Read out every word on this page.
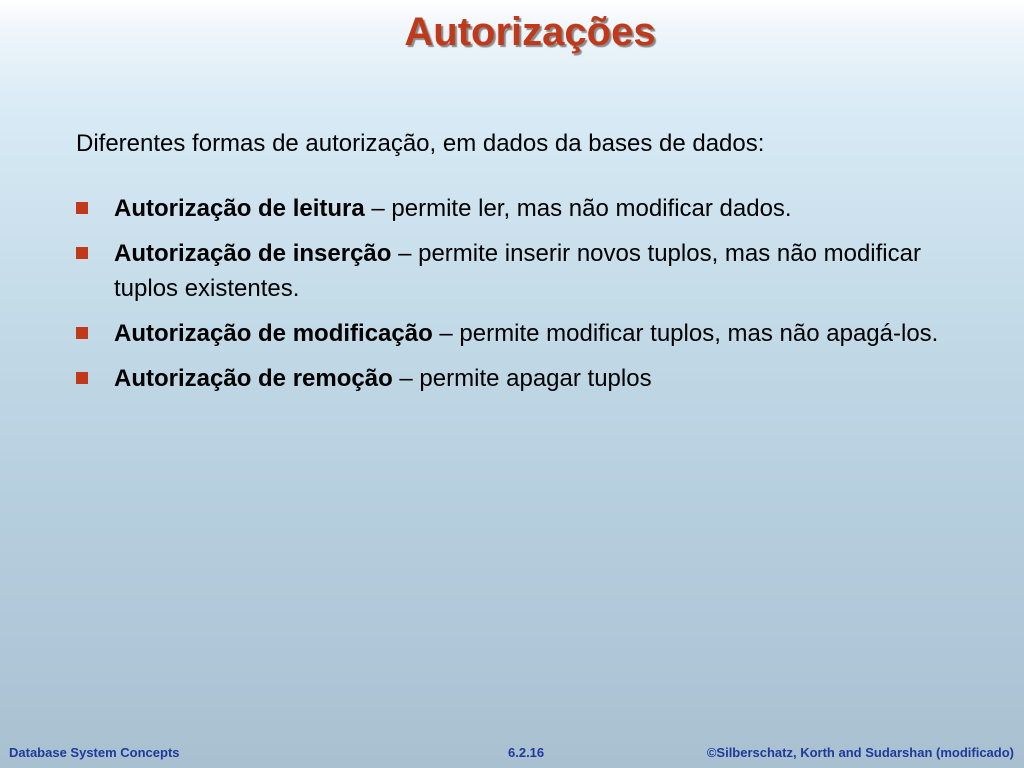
Autorizações
Diferentes formas de autorização, em dados da bases de dados:
Autorização de leitura – permite ler, mas não modificar dados.
Autorização de inserção – permite inserir novos tuplos, mas não modificar tuplos existentes.
Autorização de modificação – permite modificar tuplos, mas não apagá-los.
Autorização de remoção – permite apagar tuplos
Database System Concepts	6.2.16	©Silberschatz, Korth and Sudarshan (modificado)
